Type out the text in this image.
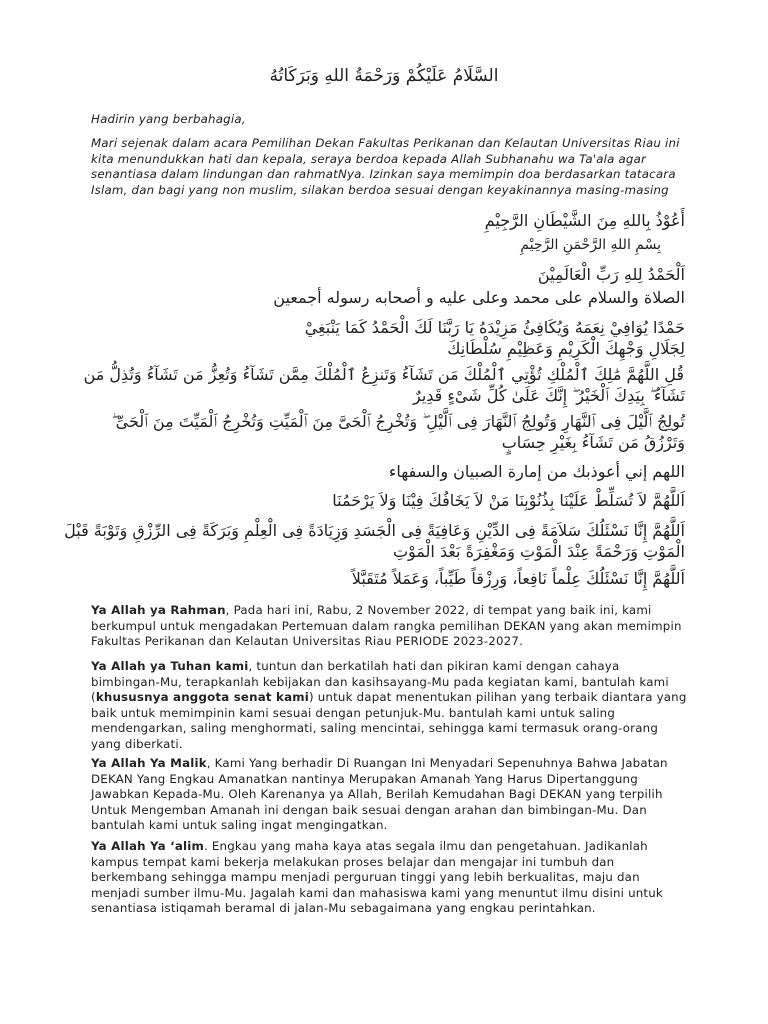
السَّلَامُ عَلَيْكُمْ وَرَحْمَةُ اللهِ وَبَرَكَاتُهُ
Hadirin yang berbahagia,
Mari sejenak dalam acara Pemilihan Dekan Fakultas Perikanan dan Kelautan Universitas Riau ini kita menundukkan hati dan kepala, seraya berdoa kepada Allah Subhanahu wa Ta'ala agar senantiasa dalam lindungan dan rahmatNya. Izinkan saya memimpin doa berdasarkan tatacara Islam, dan bagi yang non muslim, silakan berdoa sesuai dengan keyakinannya masing-masing
أَعُوْذُ بِاللهِ مِنَ الشَّيْطَانِ الرَّجِيْمِ
بِسْمِ اللهِ الرَّحْمَنِ الرَّحِيْمِ
اَلْحَمْدُ لِلهِ رَبِّ الْعَالَمِيْنَ
الصلاة والسلام على محمد وعلى عليه و أصحابه رسوله أجمعين
حَمْدًا يُوَافِيْ نِعَمَهُ وَيُكَافِئُ مَزِيْدَهُ يَا رَبَّنَا لَكَ الْحَمْدُ كَمَا يَنْبَغِيْ
لِجَلَالِ وَجْهِكَ الْكَرِيْمِ وَعَظِيْمِ سُلْطَانِكَ
قُلِ اللَّهُمَّ مَٰلِكَ ٱلْمُلْكِ تُؤْتِي ٱلْمُلْكَ مَن تَشَآءُ وَتَنزِعُ ٱلْمُلْكَ مِمَّن تَشَآءُ وَتُعِزُّ مَن تَشَآءُ وَتُذِلُّ مَن
تَشَآءُ ۖ بِيَدِكَ ٱلْخَيْرُ ۖ إِنَّكَ عَلَىٰ كُلِّ شَىْءٍ قَدِيرٌ
تُولِجُ ٱلَّيْلَ فِى ٱلنَّهَارِ وَتُولِجُ ٱلنَّهَارَ فِى ٱلَّيْلِ ۖ وَتُخْرِجُ ٱلْحَىَّ مِنَ ٱلْمَيِّتِ وَتُخْرِجُ ٱلْمَيِّتَ مِنَ ٱلْحَىِّ ۖ
وَتَرْزُقُ مَن تَشَآءُ بِغَيْرِ حِسَابٍ
اللهم إني أعوذبك من إمارة الصبيان والسفهاء
اَللَّهُمَّ لاَ تُسَلِّطْ عَلَيْنَا بِذُنُوْبِنَا مَنْ لاَ يَخَافُكَ فِيْنَا وَلاَ يَرْحَمُنَا
اَللَّهُمَّ إِنَّا نَسْئَلُكَ سَلاَمَةً فِى الدِّيْنِ وَعَافِيَةً فِى الْجَسَدِ وَزِيَادَةً فِى الْعِلْمِ وَبَرَكَةً فِى الرِّزْقِ وَتَوْبَةً قَبْلَ
الْمَوْتِ وَرَحْمَةً عِنْدَ الْمَوْتِ وَمَغْفِرَةً بَعْدَ الْمَوْتِ
اَللَّهُمَّ إِنَّا نَسْئَلُكَ عِلْماً نَافِعاً، وَرِزْقاً طَيِّباً، وَعَمَلاً مُتَقَبَّلاً
Ya Allah ya Rahman, Pada hari ini, Rabu, 2 November 2022, di tempat yang baik ini, kami berkumpul untuk mengadakan Pertemuan dalam rangka pemilihan DEKAN yang akan memimpin Fakultas Perikanan dan Kelautan Universitas Riau PERIODE 2023-2027.
Ya Allah ya Tuhan kami, tuntun dan berkatilah hati dan pikiran kami dengan cahaya bimbingan-Mu, terapkanlah kebijakan dan kasihsayang-Mu pada kegiatan kami, bantulah kami (khususnya anggota senat kami) untuk dapat menentukan pilihan yang terbaik diantara yang baik untuk memimpinin kami sesuai dengan petunjuk-Mu. bantulah kami untuk saling mendengarkan, saling menghormati, saling mencintai, sehingga kami termasuk orang-orang yang diberkati.
Ya Allah Ya Malik, Kami Yang berhadir Di Ruangan Ini Menyadari Sepenuhnya Bahwa Jabatan DEKAN Yang Engkau Amanatkan nantinya Merupakan Amanah Yang Harus Dipertanggung Jawabkan Kepada-Mu. Oleh Karenanya ya Allah, Berilah Kemudahan Bagi DEKAN yang terpilih Untuk Mengemban Amanah ini dengan baik sesuai dengan arahan dan bimbingan-Mu. Dan bantulah kami untuk saling ingat mengingatkan.
Ya Allah Ya ‘alim. Engkau yang maha kaya atas segala ilmu dan pengetahuan. Jadikanlah kampus tempat kami bekerja melakukan proses belajar dan mengajar ini tumbuh dan berkembang sehingga mampu menjadi perguruan tinggi yang lebih berkualitas, maju dan menjadi sumber ilmu-Mu. Jagalah kami dan mahasiswa kami yang menuntut ilmu disini untuk senantiasa istiqamah beramal di jalan-Mu sebagaimana yang engkau perintahkan.
